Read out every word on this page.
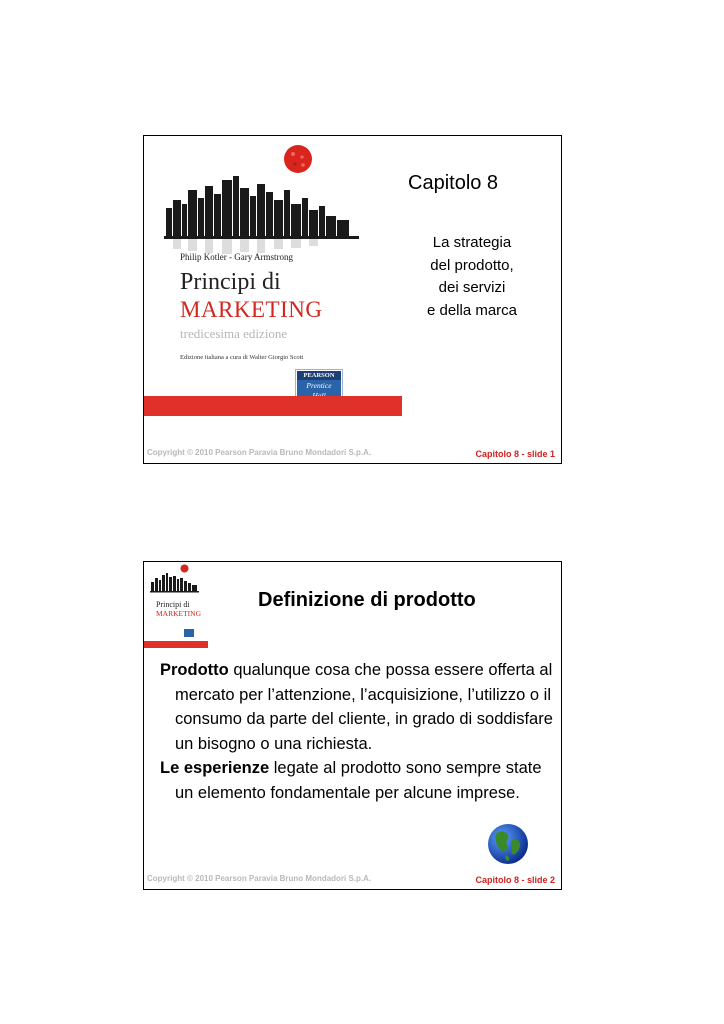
Philip Kotler - Gary Armstrong
Principi di
MARKETING
tredicesima edizione
Edizione italiana a cura di Walter Giorgio Scott
PEARSON
Prentice
Capitolo 8
La strategia
del prodotto,
dei servizi
e della marca
Copyright © 2010 Pearson Paravia Bruno Mondadori S.p.A.	Capitolo 8 - slide 1
Principi di
MARKETING
Definizione di prodotto

Prodotto qualunque cosa che possa essere offerta al mercato per l’attenzione, l’acquisizione, l’utilizzo o il consumo da parte del cliente, in grado di soddisfare un bisogno o una richiesta.

Le esperienze legate al prodotto sono sempre state un elemento fondamentale per alcune imprese.

Copyright © 2010 Pearson Paravia Bruno Mondadori S.p.A.	Capitolo 8 - slide 2
